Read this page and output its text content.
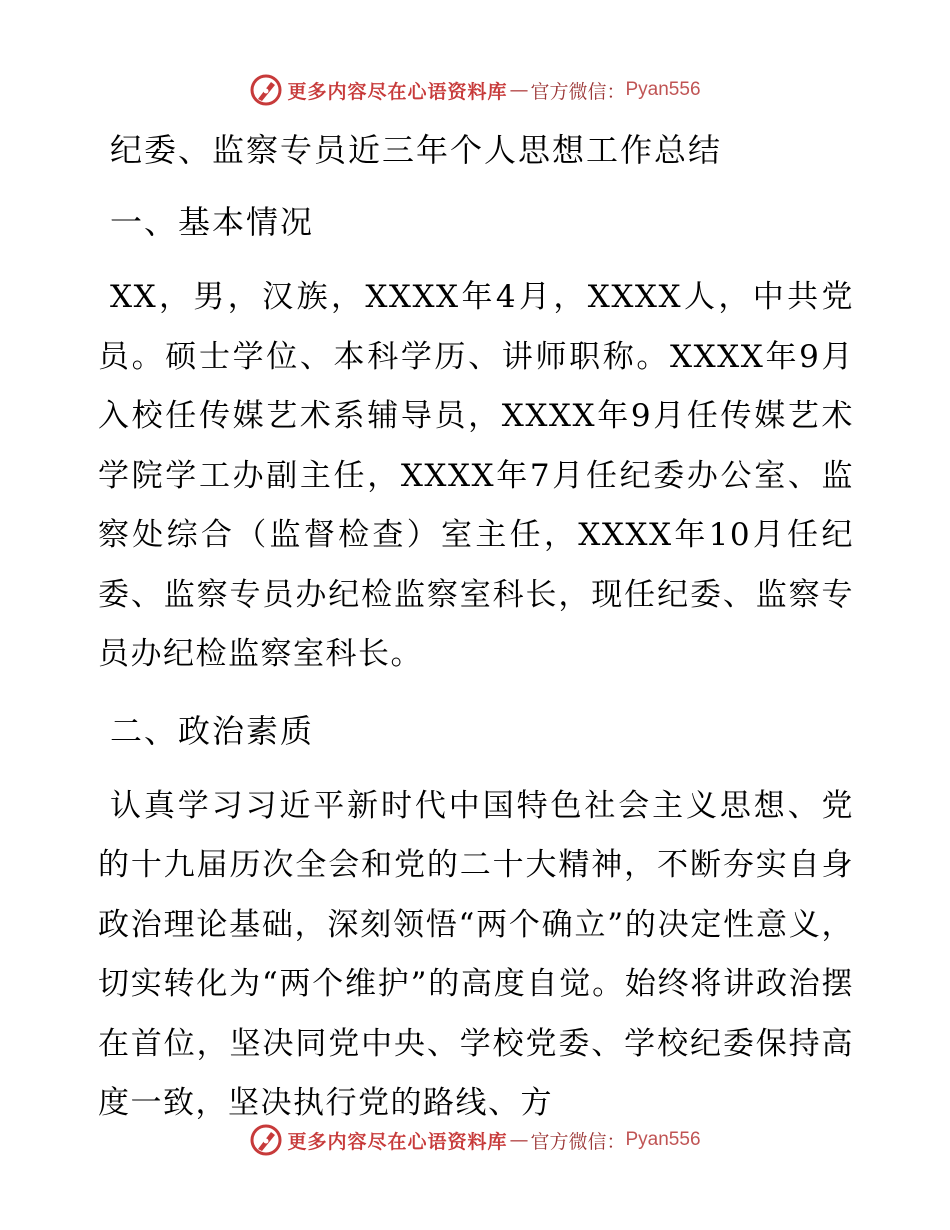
更多内容尽在心语资料库 — 官方微信： Pyan556
纪委、监察专员近三年个人思想工作总结
一、基本情况

XX，男，汉族，XXXX年4月，XXXX人，中共党员。硕士学位、本科学历、讲师职称。XXXX年9月入校任传媒艺术系辅导员，XXXX年9月任传媒艺术学院学工办副主任，XXXX年7月任纪委办公室、监察处综合（监督检查）室主任，XXXX年10月任纪委、监察专员办纪检监察室科长，现任纪委、监察专员办纪检监察室科长。

二、政治素质

认真学习习近平新时代中国特色社会主义思想、党的十九届历次全会和党的二十大精神，不断夯实自身政治理论基础，深刻领悟“两个确立”的决定性意义，切实转化为“两个维护”的高度自觉。始终将讲政治摆在首位，坚决同党中央、学校党委、学校纪委保持高度一致，坚决执行党的路线、方

更多内容尽在心语资料库 — 官方微信： Pyan556
